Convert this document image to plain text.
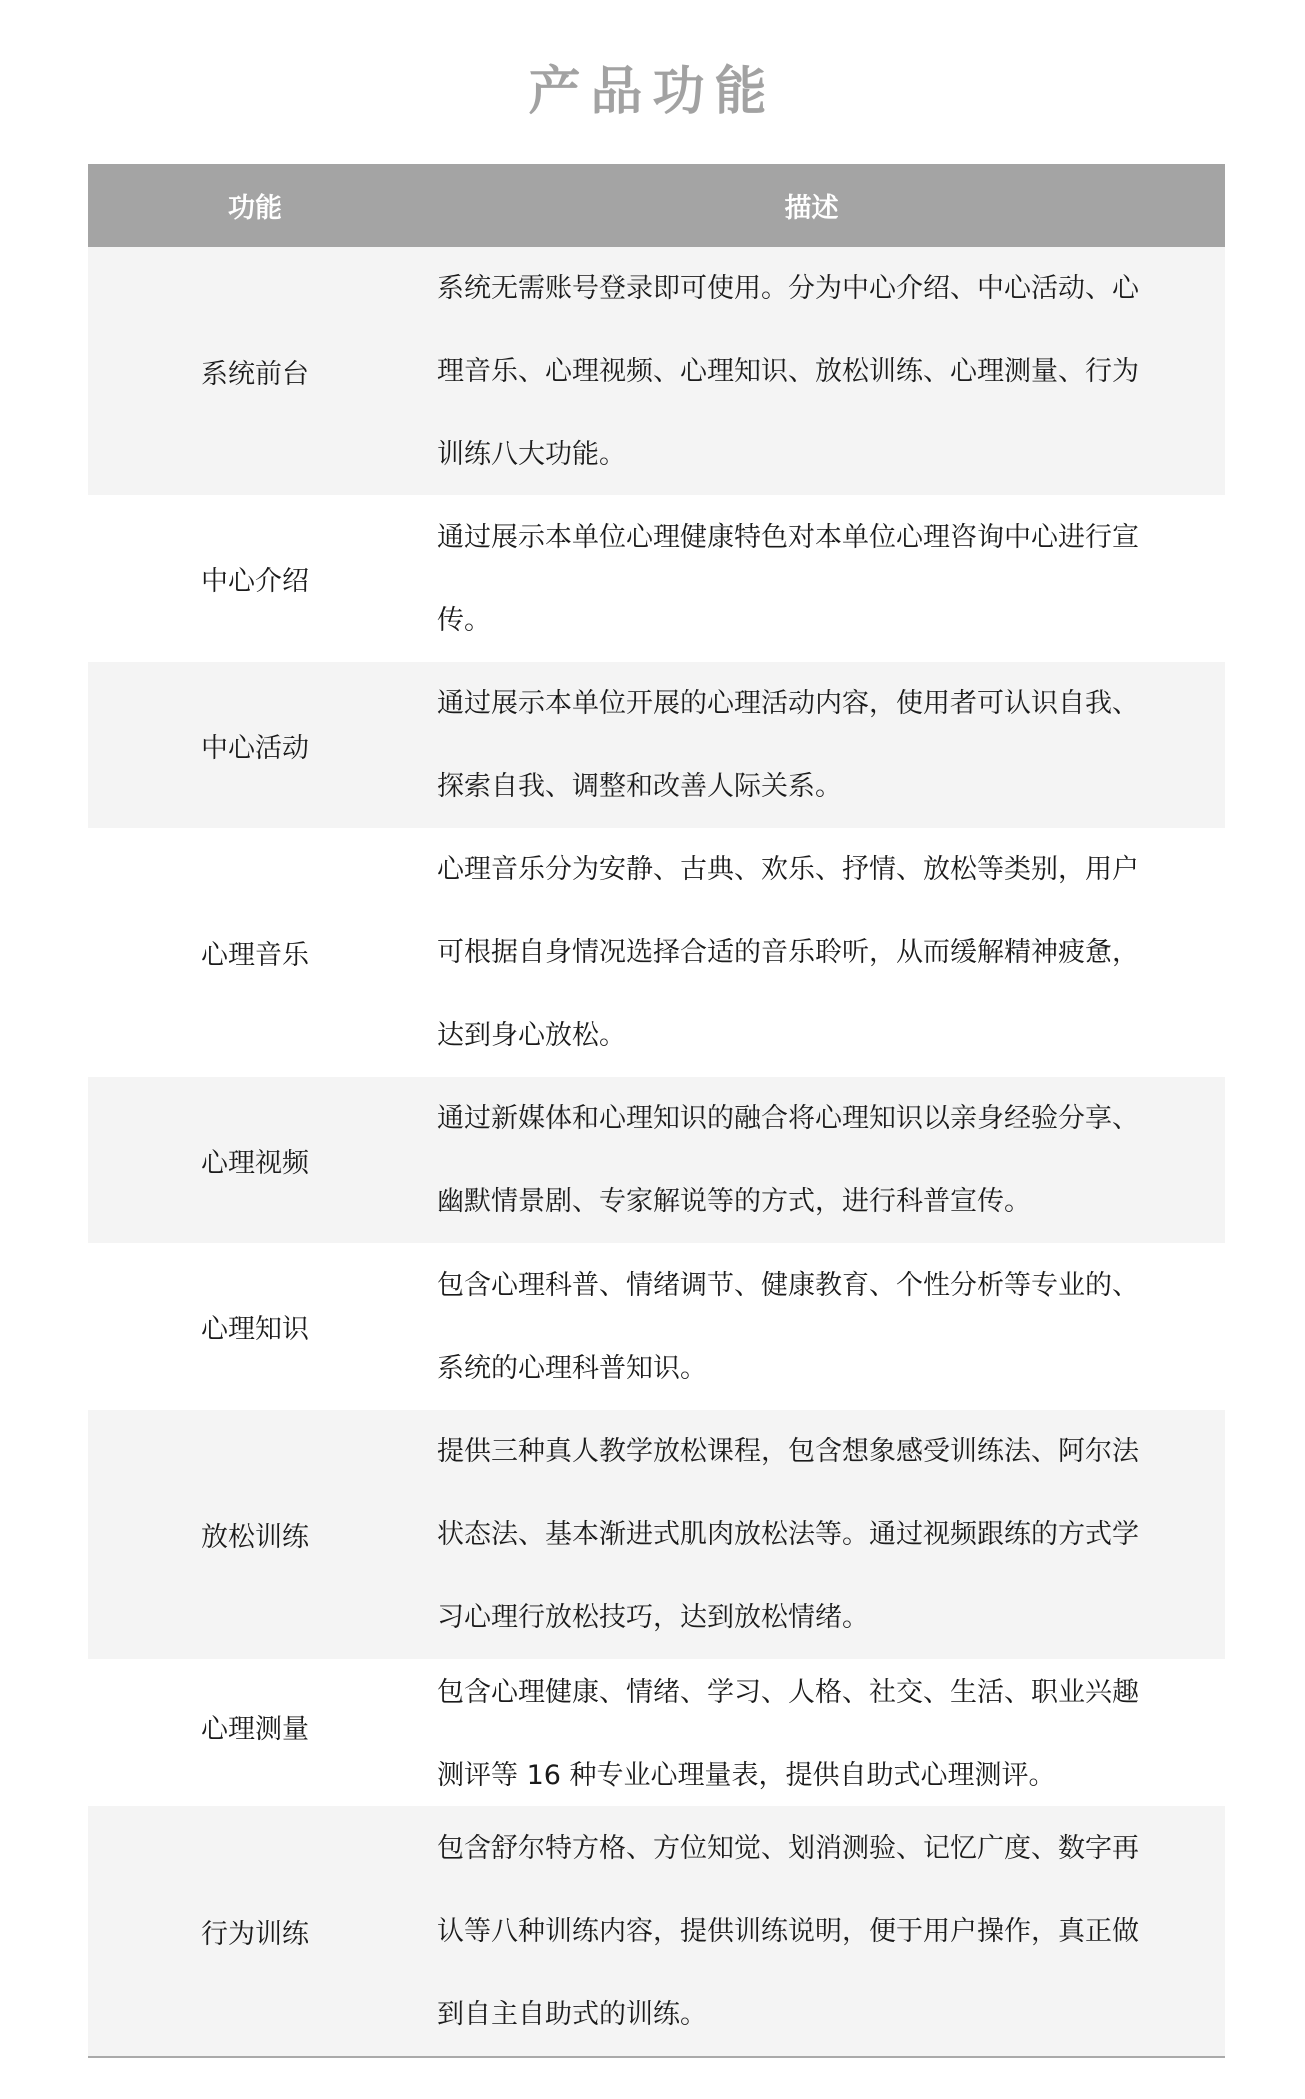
产品功能
功能	描述
系统前台
系统无需账号登录即可使用。分为中心介绍、中心活动、心
理音乐、心理视频、心理知识、放松训练、心理测量、行为
训练八大功能。
中心介绍
通过展示本单位心理健康特色对本单位心理咨询中心进行宣
传。
中心活动
通过展示本单位开展的心理活动内容，使用者可认识自我、
探索自我、调整和改善人际关系。
心理音乐
心理音乐分为安静、古典、欢乐、抒情、放松等类别，用户
可根据自身情况选择合适的音乐聆听，从而缓解精神疲惫，
达到身心放松。
心理视频
通过新媒体和心理知识的融合将心理知识以亲身经验分享、
幽默情景剧、专家解说等的方式，进行科普宣传。
心理知识
包含心理科普、情绪调节、健康教育、个性分析等专业的、
系统的心理科普知识。
放松训练
提供三种真人教学放松课程，包含想象感受训练法、阿尔法
状态法、基本渐进式肌肉放松法等。通过视频跟练的方式学
习心理行放松技巧，达到放松情绪。
心理测量
包含心理健康、情绪、学习、人格、社交、生活、职业兴趣
测评等 16 种专业心理量表，提供自助式心理测评。
行为训练
包含舒尔特方格、方位知觉、划消测验、记忆广度、数字再
认等八种训练内容，提供训练说明，便于用户操作，真正做
到自主自助式的训练。
